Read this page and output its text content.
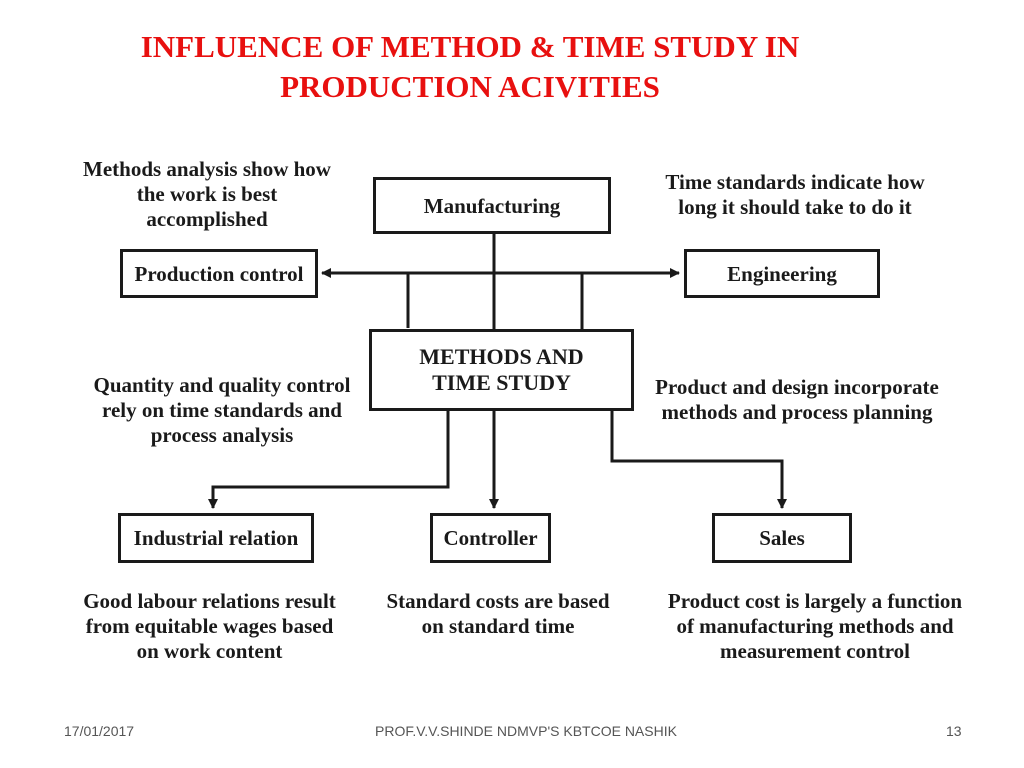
INFLUENCE OF METHOD & TIME STUDY IN
PRODUCTION ACIVITIES
Manufacturing
Production control	Engineering
METHODS AND
TIME STUDY
Industrial relation	Controller	Sales
Methods analysis show how
the work is best
accomplished
Time standards indicate how
long it should take to do it
Quantity and quality control
rely on time standards and
process analysis
Product and design incorporate
methods and process planning
Good labour relations result
from equitable wages based
on work content
Standard costs are based
on standard time
Product cost is largely a function
of manufacturing methods and
measurement control
17/01/2017	PROF.V.V.SHINDE NDMVP'S KBTCOE NASHIK	13
